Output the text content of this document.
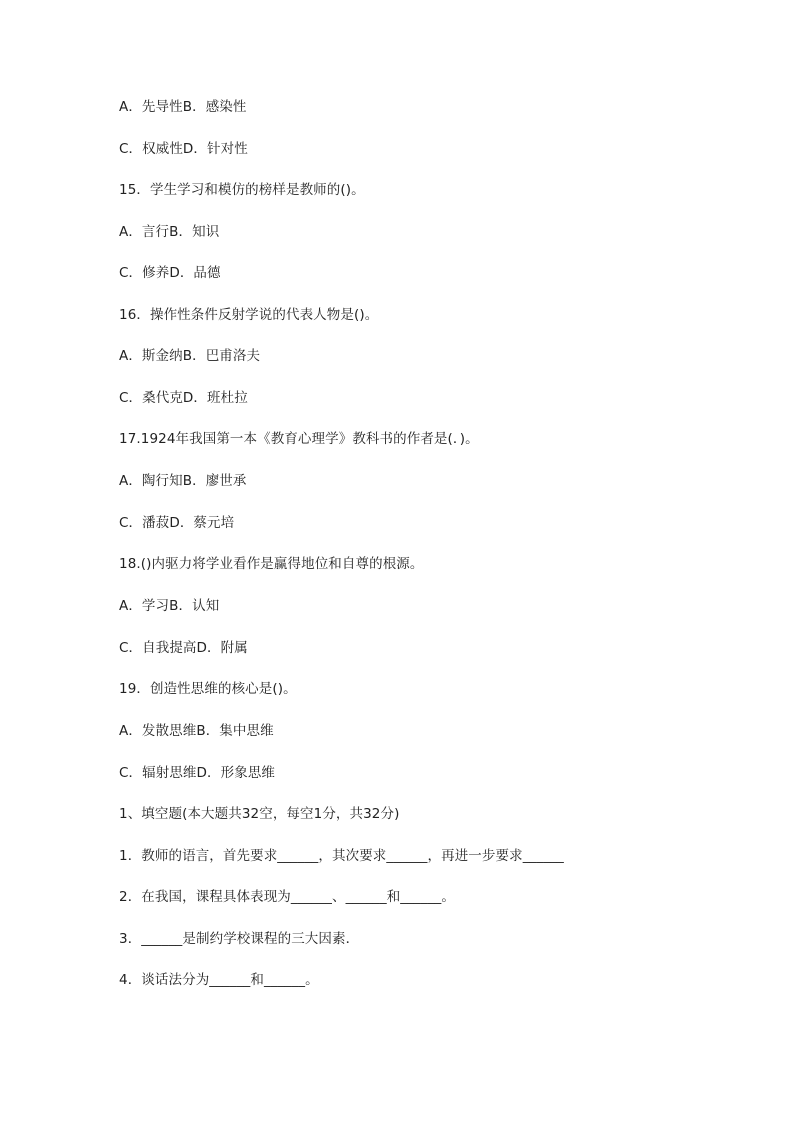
A．先导性B．感染性
C．权威性D．针对性
15．学生学习和模仿的榜样是教师的()。
A．言行B．知识
C．修养D．品德
16．操作性条件反射学说的代表人物是()。
A．斯金纳B．巴甫洛夫
C．桑代克D．班杜拉
17.1924年我国第一本《教育心理学》教科书的作者是(．)。
A．陶行知B．廖世承
C．潘菽D．蔡元培
18.()内驱力将学业看作是赢得地位和自尊的根源。
A．学习B．认知
C．自我提高D．附属
19．创造性思维的核心是()。
A．发散思维B．集中思维
C．辐射思维D．形象思维
1、填空题(本大题共32空，每空1分，共32分)
1．教师的语言，首先要求______，其次要求______，再进一步要求______
2．在我国，课程具体表现为______、______和______。
3．______是制约学校课程的三大因素．
4．谈话法分为______和______。
